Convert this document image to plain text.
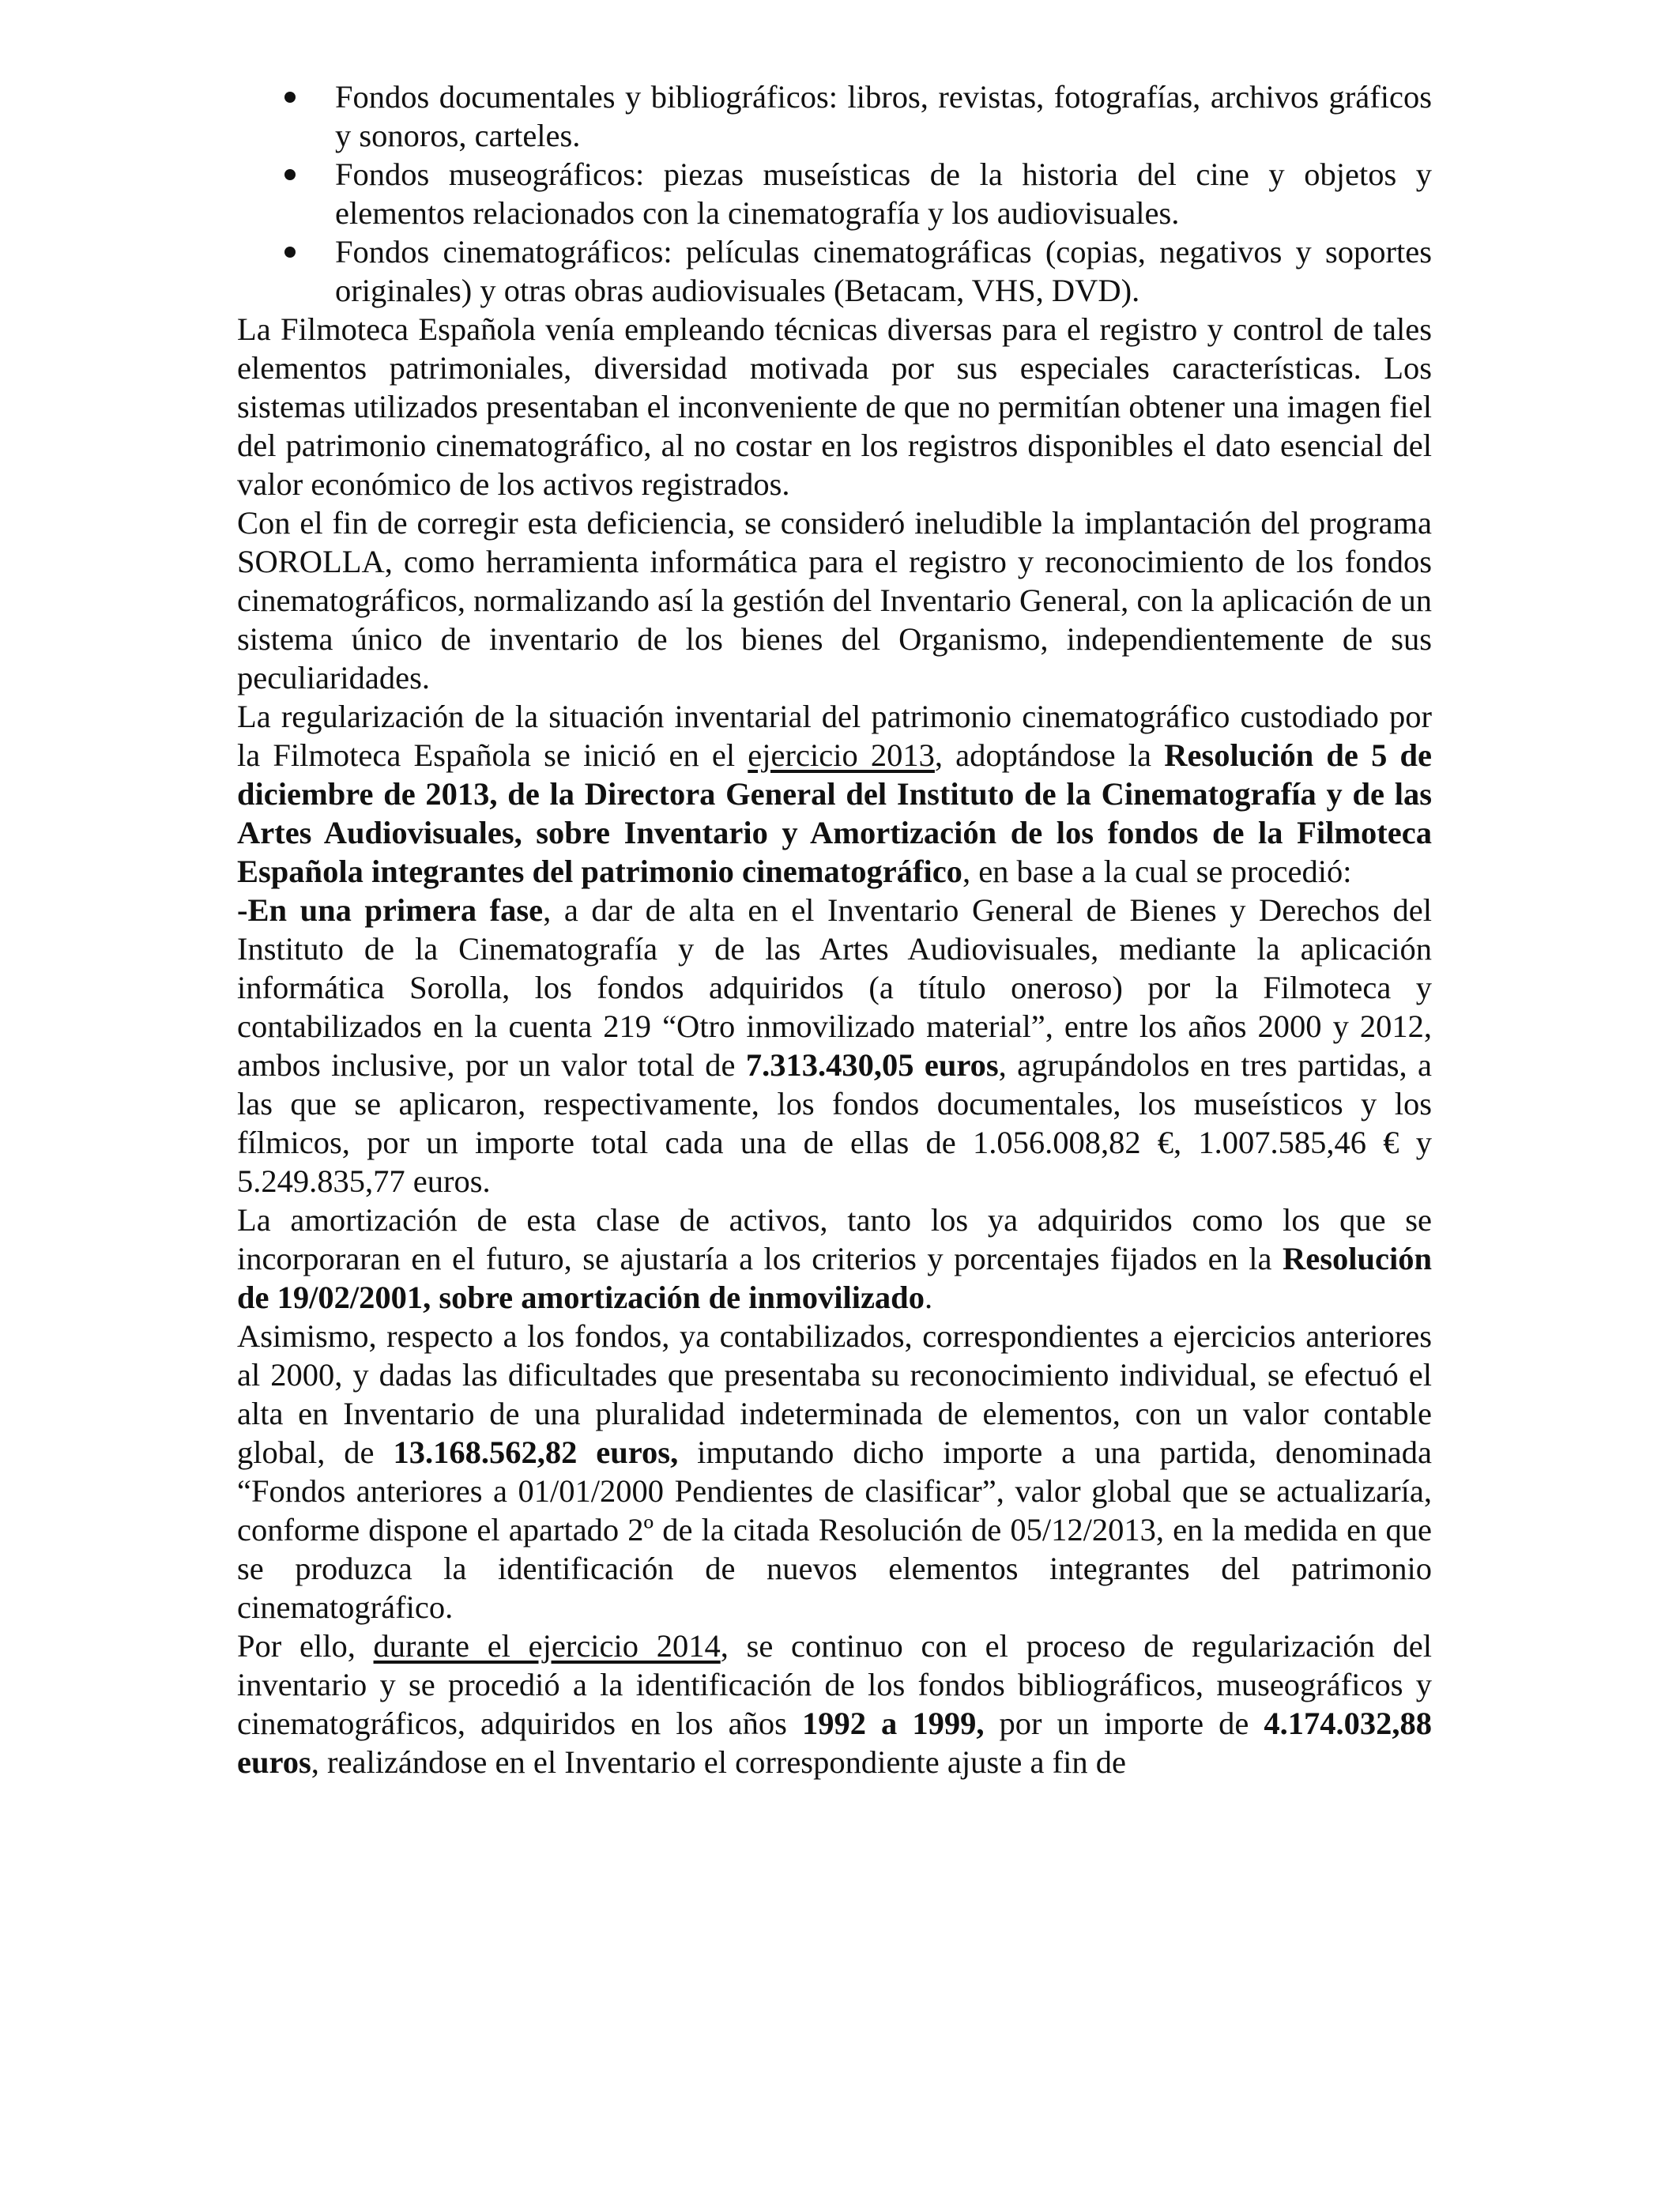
Fondos documentales y bibliográficos: libros, revistas, fotografías, archivos gráficos y sonoros, carteles.
Fondos museográficos: piezas museísticas de la historia del cine y objetos y elementos relacionados con la cinematografía y los audiovisuales.
Fondos cinematográficos: películas cinematográficas (copias, negativos y soportes originales) y otras obras audiovisuales (Betacam, VHS, DVD).

La Filmoteca Española venía empleando técnicas diversas para el registro y control de tales elementos patrimoniales, diversidad motivada por sus especiales características. Los sistemas utilizados presentaban el inconveniente de que no permitían obtener una imagen fiel del patrimonio cinematográfico, al no costar en los registros disponibles el dato esencial del valor económico de los activos registrados.

Con el fin de corregir esta deficiencia, se consideró ineludible la implantación del programa SOROLLA, como herramienta informática para el registro y reconocimiento de los fondos cinematográficos, normalizando así la gestión del Inventario General, con la aplicación de un sistema único de inventario de los bienes del Organismo, independientemente de sus peculiaridades.

La regularización de la situación inventarial del patrimonio cinematográfico custodiado por la Filmoteca Española se inició en el ejercicio 2013, adoptándose la Resolución de 5 de diciembre de 2013, de la Directora General del Instituto de la Cinematografía y de las Artes Audiovisuales, sobre Inventario y Amortización de los fondos de la Filmoteca Española integrantes del patrimonio cinematográfico, en base a la cual se procedió:

-En una primera fase, a dar de alta en el Inventario General de Bienes y Derechos del Instituto de la Cinematografía y de las Artes Audiovisuales, mediante la aplicación informática Sorolla, los fondos adquiridos (a título oneroso) por la Filmoteca y contabilizados en la cuenta 219 “Otro inmovilizado material”, entre los años 2000 y 2012, ambos inclusive, por un valor total de 7.313.430,05 euros, agrupándolos en tres partidas, a las que se aplicaron, respectivamente, los fondos documentales, los museísticos y los fílmicos, por un importe total cada una de ellas de 1.056.008,82 €, 1.007.585,46 € y 5.249.835,77 euros.

La amortización de esta clase de activos, tanto los ya adquiridos como los que se incorporaran en el futuro, se ajustaría a los criterios y porcentajes fijados en la Resolución de 19/02/2001, sobre amortización de inmovilizado.

Asimismo, respecto a los fondos, ya contabilizados, correspondientes a ejercicios anteriores al 2000, y dadas las dificultades que presentaba su reconocimiento individual, se efectuó el alta en Inventario de una pluralidad indeterminada de elementos, con un valor contable global, de 13.168.562,82 euros, imputando dicho importe a una partida, denominada “Fondos anteriores a 01/01/2000 Pendientes de clasificar”, valor global que se actualizaría, conforme dispone el apartado 2º de la citada Resolución de 05/12/2013, en la medida en que se produzca la identificación de nuevos elementos integrantes del patrimonio cinematográfico.

Por ello, durante el ejercicio 2014, se continuo con el proceso de regularización del inventario y se procedió a la identificación de los fondos bibliográficos, museográficos y cinematográficos, adquiridos en los años 1992 a 1999, por un importe de 4.174.032,88 euros, realizándose en el Inventario el correspondiente ajuste a fin de
